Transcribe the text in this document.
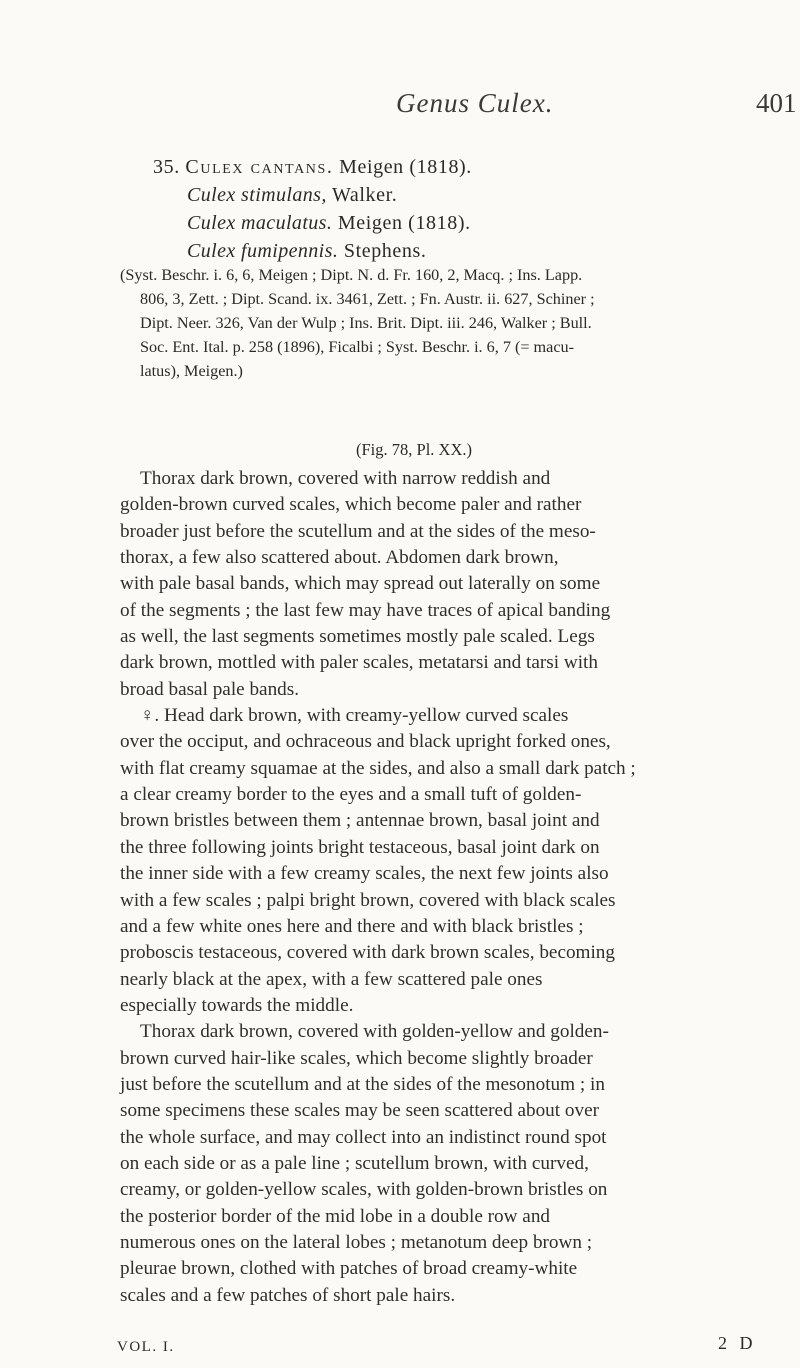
Genus Culex.	401
35. Culex cantans. Meigen (1818).
Culex stimulans, Walker.
Culex maculatus. Meigen (1818).
Culex fumipennis. Stephens.
(Syst. Beschr. i. 6, 6, Meigen ; Dipt. N. d. Fr. 160, 2, Macq. ; Ins. Lapp.
806, 3, Zett. ; Dipt. Scand. ix. 3461, Zett. ; Fn. Austr. ii. 627, Schiner ;
Dipt. Neer. 326, Van der Wulp ; Ins. Brit. Dipt. iii. 246, Walker ; Bull.
Soc. Ent. Ital. p. 258 (1896), Ficalbi ; Syst. Beschr. i. 6, 7 (= macu-
latus), Meigen.)
(Fig. 78, Pl. XX.)
Thorax dark brown, covered with narrow reddish and
golden-brown curved scales, which become paler and rather
broader just before the scutellum and at the sides of the meso-
thorax, a few also scattered about. Abdomen dark brown,
with pale basal bands, which may spread out laterally on some
of the segments ; the last few may have traces of apical banding
as well, the last segments sometimes mostly pale scaled. Legs
dark brown, mottled with paler scales, metatarsi and tarsi with
broad basal pale bands.
♀. Head dark brown, with creamy-yellow curved scales
over the occiput, and ochraceous and black upright forked ones,
with flat creamy squamae at the sides, and also a small dark patch ;
a clear creamy border to the eyes and a small tuft of golden-
brown bristles between them ; antennae brown, basal joint and
the three following joints bright testaceous, basal joint dark on
the inner side with a few creamy scales, the next few joints also
with a few scales ; palpi bright brown, covered with black scales
and a few white ones here and there and with black bristles ;
proboscis testaceous, covered with dark brown scales, becoming
nearly black at the apex, with a few scattered pale ones
especially towards the middle.
Thorax dark brown, covered with golden-yellow and golden-
brown curved hair-like scales, which become slightly broader
just before the scutellum and at the sides of the mesonotum ; in
some specimens these scales may be seen scattered about over
the whole surface, and may collect into an indistinct round spot
on each side or as a pale line ; scutellum brown, with curved,
creamy, or golden-yellow scales, with golden-brown bristles on
the posterior border of the mid lobe in a double row and
numerous ones on the lateral lobes ; metanotum deep brown ;
pleurae brown, clothed with patches of broad creamy-white
scales and a few patches of short pale hairs.
VOL. I.	2 D
